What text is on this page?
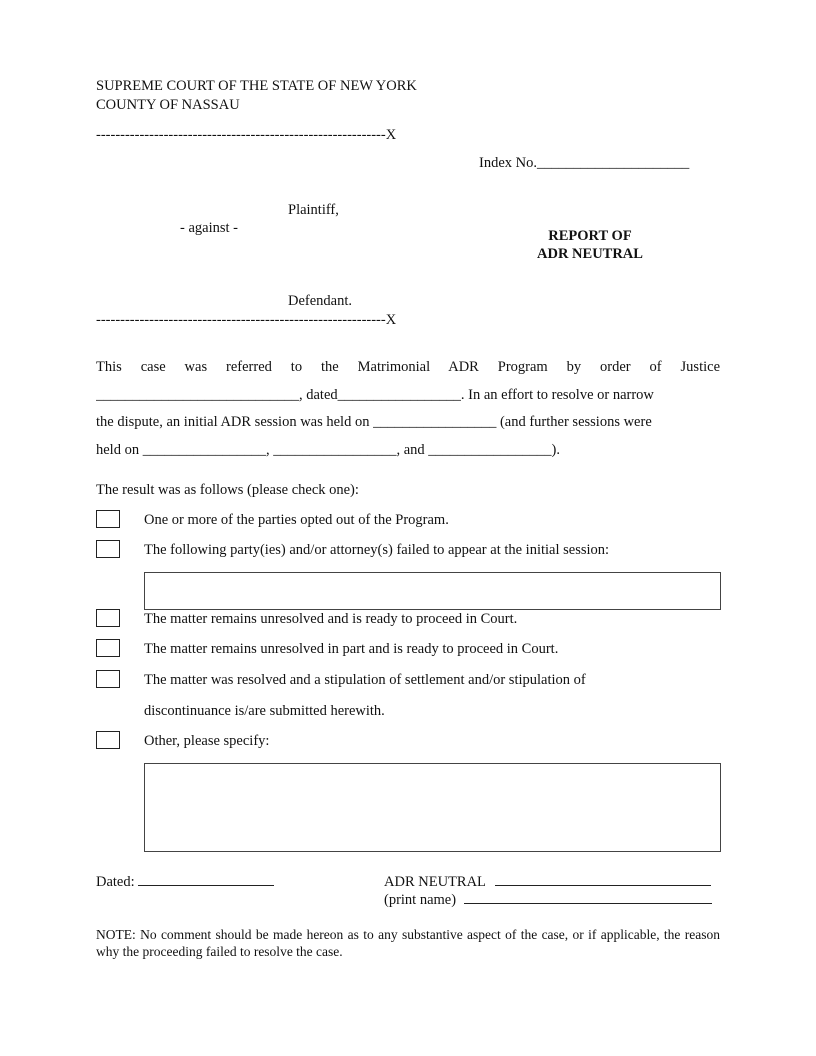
SUPREME COURT OF THE STATE OF NEW YORK
COUNTY OF NASSAU
------------------------------------------------------------X
Index No._____________________
Plaintiff,
- against -
Defendant.
------------------------------------------------------------X
REPORT OF
ADR NEUTRAL
This case was referred to the Matrimonial ADR Program by order of Justice
____________________________, dated_________________. In an effort to resolve or narrow
the dispute, an initial ADR session was held on _________________ (and further sessions were
held on _________________, _________________, and _________________).
The result was as follows (please check one):
One or more of the parties opted out of the Program.
The following party(ies) and/or attorney(s) failed to appear at the initial session:
The matter remains unresolved and is ready to proceed in Court.
The matter remains unresolved in part and is ready to proceed in Court.
The matter was resolved and a stipulation of settlement and/or stipulation of
discontinuance is/are submitted herewith.
Other, please specify:
Dated:	ADR NEUTRAL
(print name)
NOTE: No comment should be made hereon as to any substantive aspect of the case, or if applicable, the reason why the proceeding failed to resolve the case.
